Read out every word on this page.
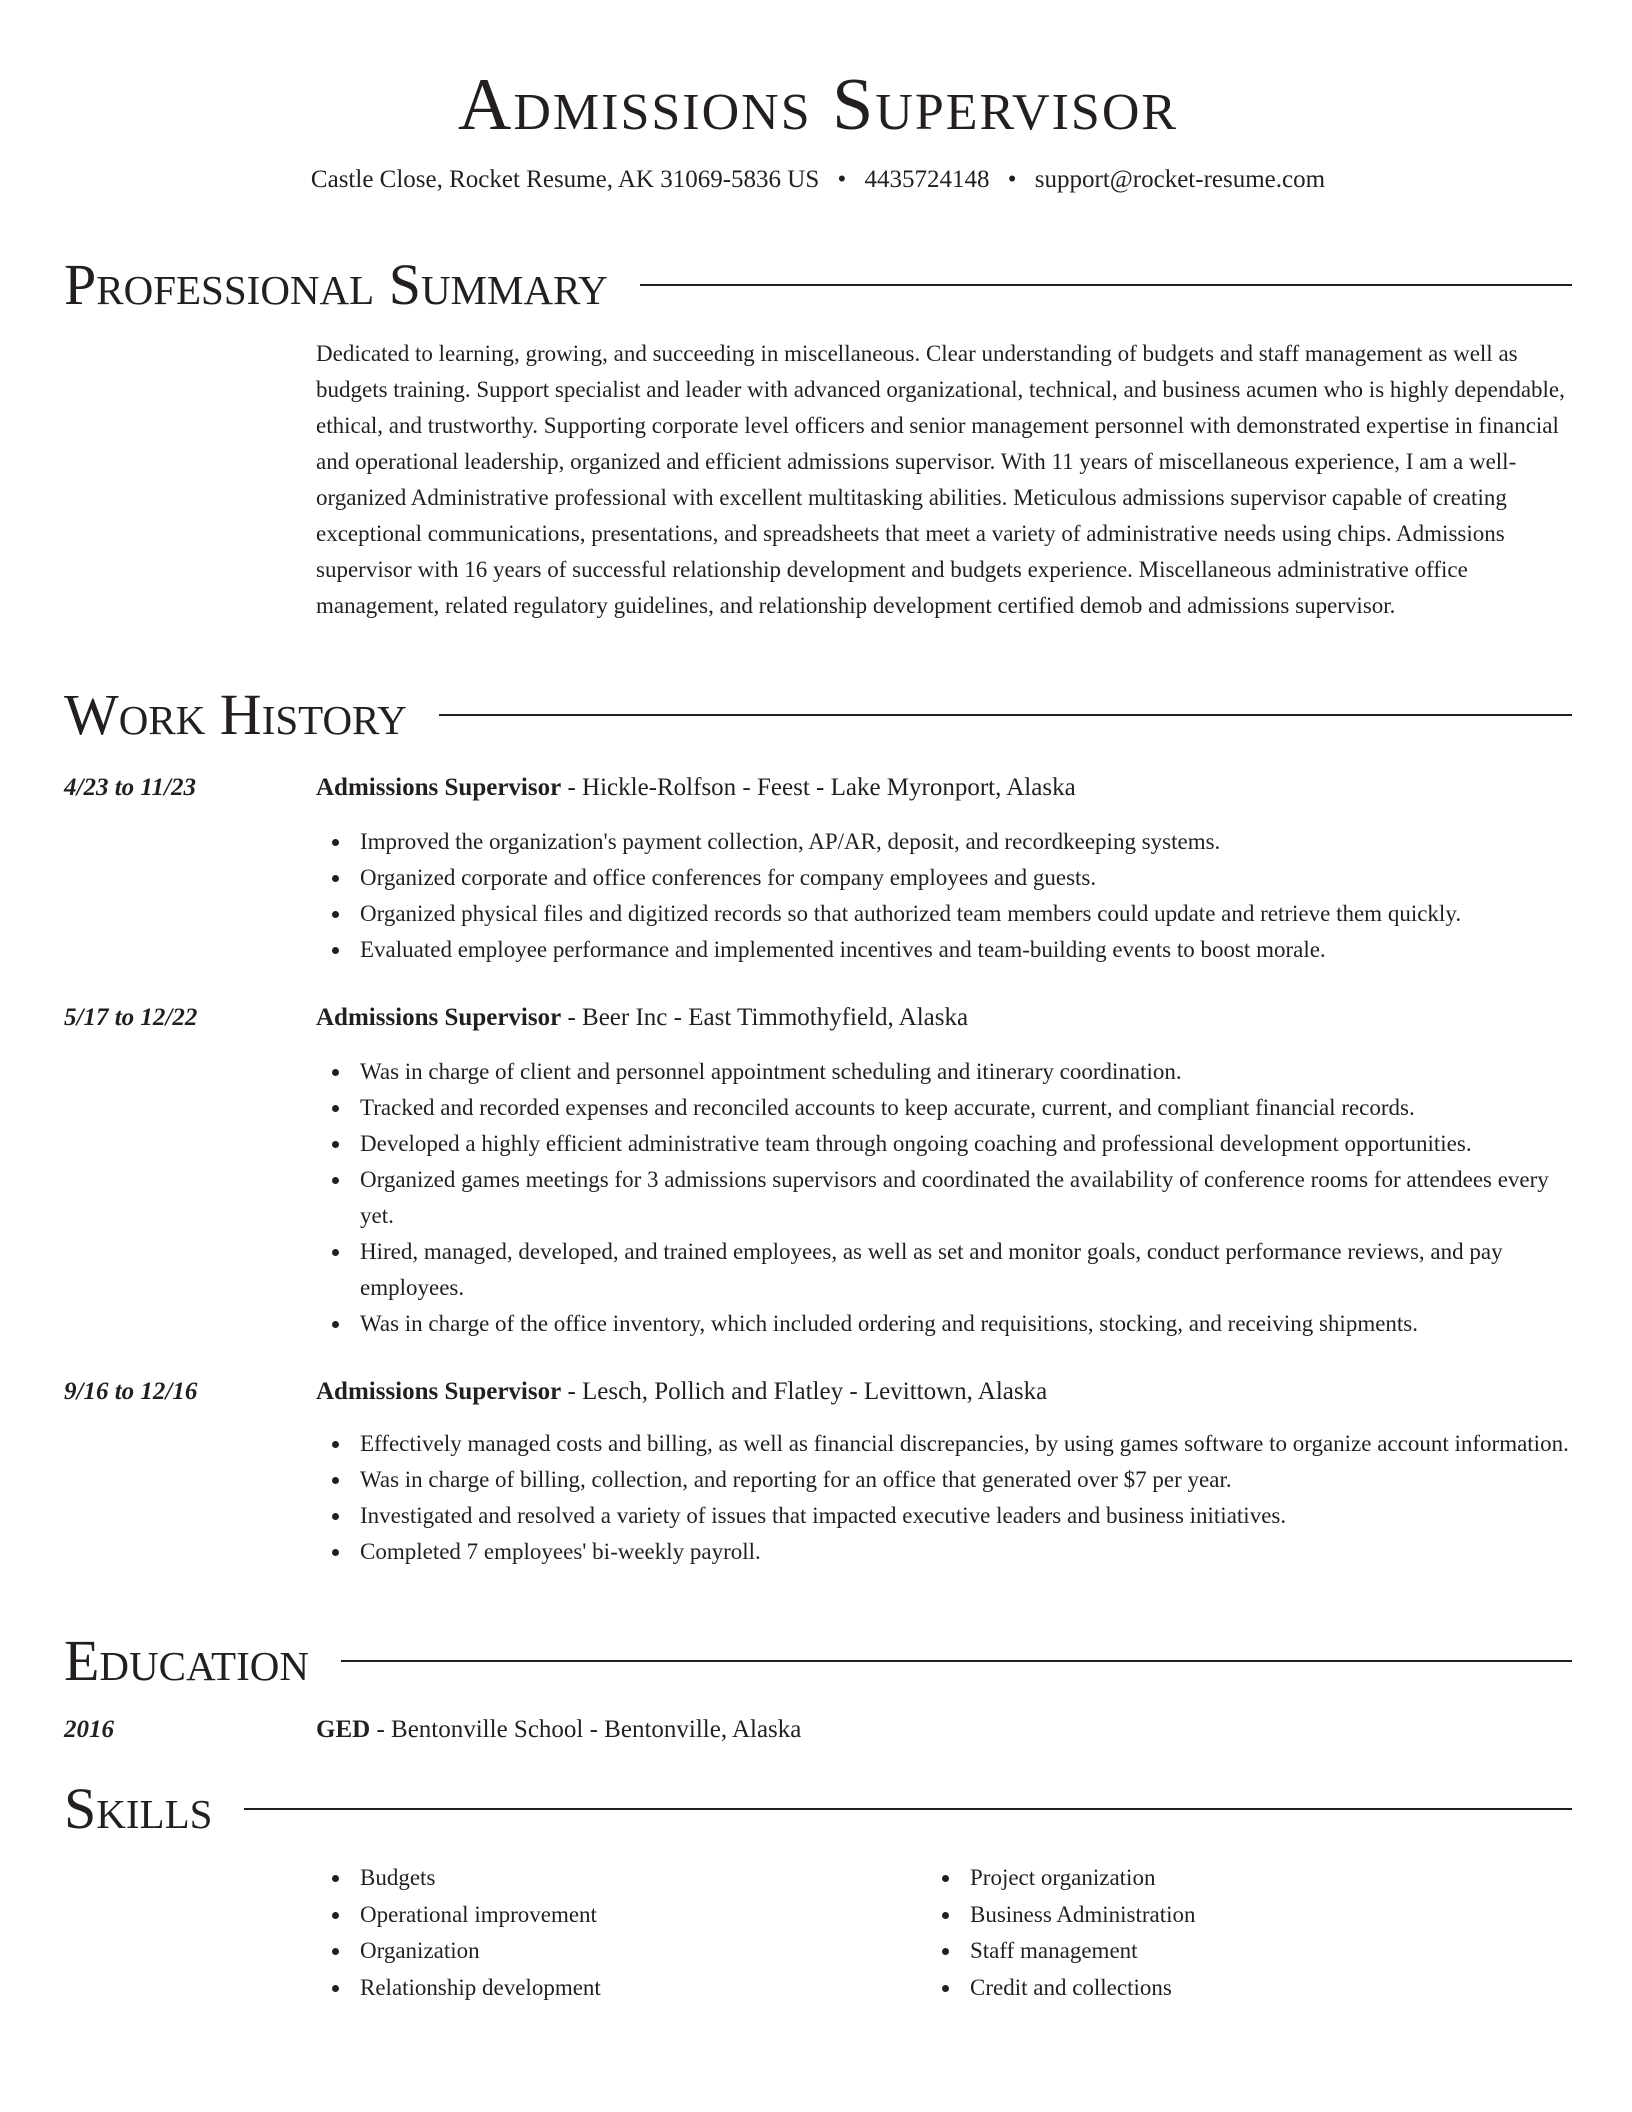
Admissions Supervisor
Castle Close, Rocket Resume, AK 31069-5836 US • 4435724148 • support@rocket-resume.com
Professional Summary
Dedicated to learning, growing, and succeeding in miscellaneous. Clear understanding of budgets and staff management as well as budgets training. Support specialist and leader with advanced organizational, technical, and business acumen who is highly dependable, ethical, and trustworthy. Supporting corporate level officers and senior management personnel with demonstrated expertise in financial and operational leadership, organized and efficient admissions supervisor. With 11 years of miscellaneous experience, I am a well-organized Administrative professional with excellent multitasking abilities. Meticulous admissions supervisor capable of creating exceptional communications, presentations, and spreadsheets that meet a variety of administrative needs using chips. Admissions supervisor with 16 years of successful relationship development and budgets experience. Miscellaneous administrative office management, related regulatory guidelines, and relationship development certified demob and admissions supervisor.
Work History
4/23 to 11/23	Admissions Supervisor - Hickle-Rolfson - Feest - Lake Myronport, Alaska
Improved the organization's payment collection, AP/AR, deposit, and recordkeeping systems.
Organized corporate and office conferences for company employees and guests.
Organized physical files and digitized records so that authorized team members could update and retrieve them quickly.
Evaluated employee performance and implemented incentives and team-building events to boost morale.
5/17 to 12/22	Admissions Supervisor - Beer Inc - East Timmothyfield, Alaska
Was in charge of client and personnel appointment scheduling and itinerary coordination.
Tracked and recorded expenses and reconciled accounts to keep accurate, current, and compliant financial records.
Developed a highly efficient administrative team through ongoing coaching and professional development opportunities.
Organized games meetings for 3 admissions supervisors and coordinated the availability of conference rooms for attendees every yet.
Hired, managed, developed, and trained employees, as well as set and monitor goals, conduct performance reviews, and pay employees.
Was in charge of the office inventory, which included ordering and requisitions, stocking, and receiving shipments.
9/16 to 12/16	Admissions Supervisor - Lesch, Pollich and Flatley - Levittown, Alaska
Effectively managed costs and billing, as well as financial discrepancies, by using games software to organize account information.
Was in charge of billing, collection, and reporting for an office that generated over $7 per year.
Investigated and resolved a variety of issues that impacted executive leaders and business initiatives.
Completed 7 employees' bi-weekly payroll.
Education
2016	GED - Bentonville School - Bentonville, Alaska
Skills
Budgets
Operational improvement
Organization
Relationship development
Project organization
Business Administration
Staff management
Credit and collections
